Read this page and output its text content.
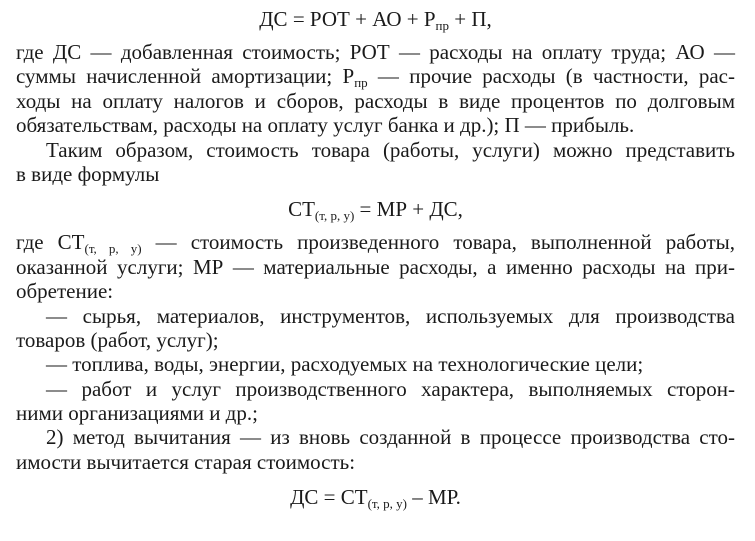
ДС = РОТ + АО + $Р_{пр} + П$,
где ДС — добавленная стоимость; РОТ — расходы на оплату труда; АО —
суммы начисленной амортизации; $Р_{пр}$ — прочие расходы (в частности, рас-
ходы на оплату налогов и сборов, расходы в виде процентов по долговым
обязательствам, расходы на оплату услуг банка и др.); П — прибыль.
Таким образом, стоимость товара (работы, услуги) можно представить
в виде формулы
$СТ_{(т, р, у)}$ = МР + ДС,
где $СТ_{(т, р, у)}$ — стоимость произведенного товара, выполненной работы,
оказанной услуги; МР — материальные расходы, а именно расходы на при-
обретение:
— сырья, материалов, инструментов, используемых для производства
товаров (работ, услуг);
— топлива, воды, энергии, расходуемых на технологические цели;
— работ и услуг производственного характера, выполняемых сторон-
ними организациями и др.;
2) метод вычитания — из вновь созданной в процессе производства сто-
имости вычитается старая стоимость:
ДС = $СТ_{(т, р, у)}$ – МР.
